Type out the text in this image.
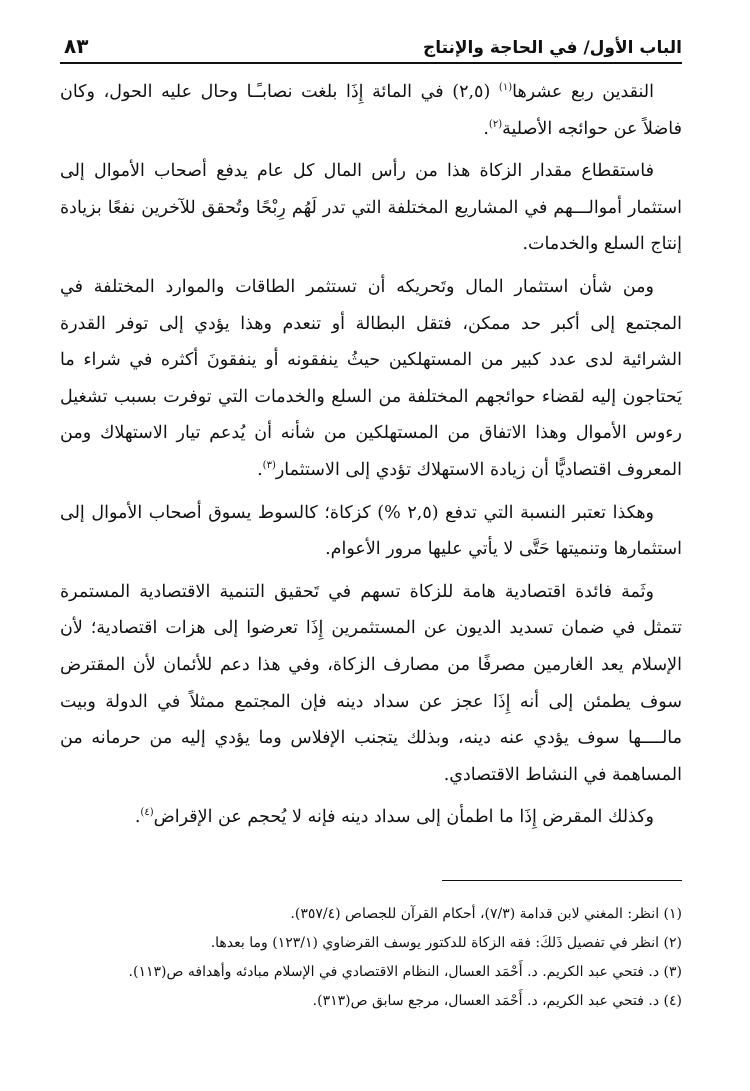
الباب الأول/ في الحاجة والإنتاج
٨٣

النقدين ربع عشرها$^{(١)}$ (٢,٥) في المائة إِذَا بلغت نصابـًـا وحال عليه الحول، وكان فاضلاً عن حوائجه الأصلية$^{(٢)}$.

فاستقطاع مقدار الزكاة هذا من رأس المال كل عام يدفع أصحاب الأموال إلى استثمار أموالـــهم في المشاريع المختلفة التي تدر لَهُم رِبْحًا وتُحقق للآخرين نفعًا بزيادة إنتاج السلع والخدمات.

ومن شأن استثمار المال وتَحريكه أن تستثمر الطاقات والموارد المختلفة في المجتمع إلى أكبر حد ممكن، فتقل البطالة أو تنعدم وهذا يؤدي إلى توفر القدرة الشرائية لدى عدد كبير من المستهلكين حيثُ ينفقونه أو ينفقونَ أكثره في شراء ما يَحتاجون إليه لقضاء حوائجهم المختلفة من السلع والخدمات التي توفرت بسبب تشغيل رءوس الأموال وهذا الاتفاق من المستهلكين من شأنه أن يُدعم تيار الاستهلاك ومن المعروف اقتصاديًّا أن زيادة الاستهلاك تؤدي إلى الاستثمار$^{(٣)}$.

وهكذا تعتبر النسبة التي تدفع (٢,٥ %) كزكاة؛ كالسوط يسوق أصحاب الأموال إلى استثمارها وتنميتها حَتَّى لا يأتي عليها مرور الأعوام.

وثَمة فائدة اقتصادية هامة للزكاة تسهم في تَحقيق التنمية الاقتصادية المستمرة تتمثل في ضمان تسديد الديون عن المستثمرين إِذَا تعرضوا إلى هزات اقتصادية؛ لأن الإسلام يعد الغارمين مصرفًا من مصارف الزكاة، وفي هذا دعم للأئمان لأن المقترض سوف يطمئن إلى أنه إِذَا عجز عن سداد دينه فإن المجتمع ممثلاً في الدولة وبيت مالــــها سوف يؤدي عنه دينه، وبذلك يتجنب الإفلاس وما يؤدي إليه من حرمانه من المساهمة في النشاط الاقتصادي.

وكذلك المقرض إِذَا ما اطمأن إلى سداد دينه فإنه لا يُحجم عن الإقراض$^{(٤)}$.

(١) انظر: المغني لابن قدامة (٧/٣)، أحكام القرآن للجصاص (٣٥٧/٤).
(٢) انظر في تفصيل ذَلكَ: فقه الزكاة للدكتور يوسف القرضاوي (١٢٣/١) وما بعدها.
(٣) د. فتحي عبد الكريم. د. أَحْمَد العسال، النظام الاقتصادي في الإسلام مبادئه وأهدافه ص(١١٣).
(٤) د. فتحي عبد الكريم، د. أَحْمَد العسال، مرجع سابق ص(٣١٣).
